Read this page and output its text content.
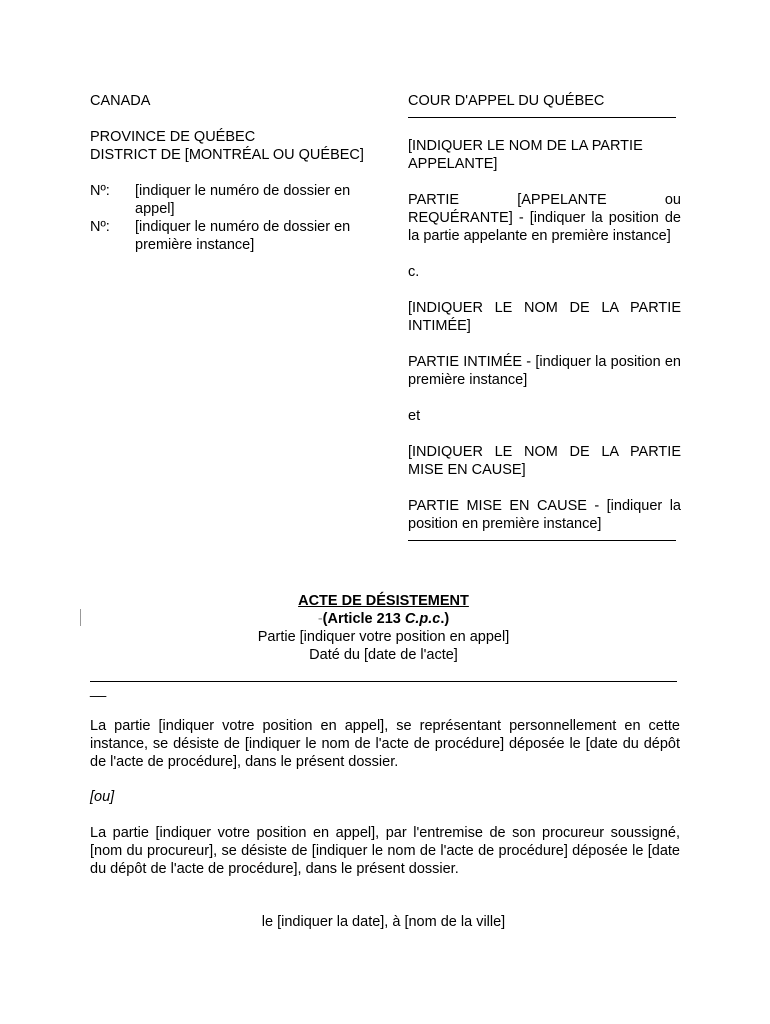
CANADA

PROVINCE DE QUÉBEC

DISTRICT DE [MONTRÉAL OU QUÉBEC]

Nº:	[indiquer le numéro de dossier en appel]
Nº:	[indiquer le numéro de dossier en première instance]

COUR D'APPEL DU QUÉBEC

[INDIQUER LE NOM DE LA PARTIE APPELANTE]

PARTIE [APPELANTE ou REQUÉRANTE] - [indiquer la position de la partie appelante en première instance]

c.

[INDIQUER LE NOM DE LA PARTIE INTIMÉE]

PARTIE INTIMÉE - [indiquer la position en première instance]

et

[INDIQUER LE NOM DE LA PARTIE MISE EN CAUSE]

PARTIE MISE EN CAUSE - [indiquer la position en première instance]

ACTE DE DÉSISTEMENT

-(Article 213 C.p.c.)

Partie [indiquer votre position en appel]

Daté du [date de l'acte]

__

La partie [indiquer votre position en appel], se représentant personnellement en cette instance, se désiste de [indiquer le nom de l'acte de procédure] déposée le [date du dépôt de l'acte de procédure], dans le présent dossier.

[ou]

La partie [indiquer votre position en appel], par l'entremise de son procureur soussigné, [nom du procureur], se désiste de [indiquer le nom de l'acte de procédure] déposée le [date du dépôt de l'acte de procédure], dans le présent dossier.

le [indiquer la date], à [nom de la ville]
